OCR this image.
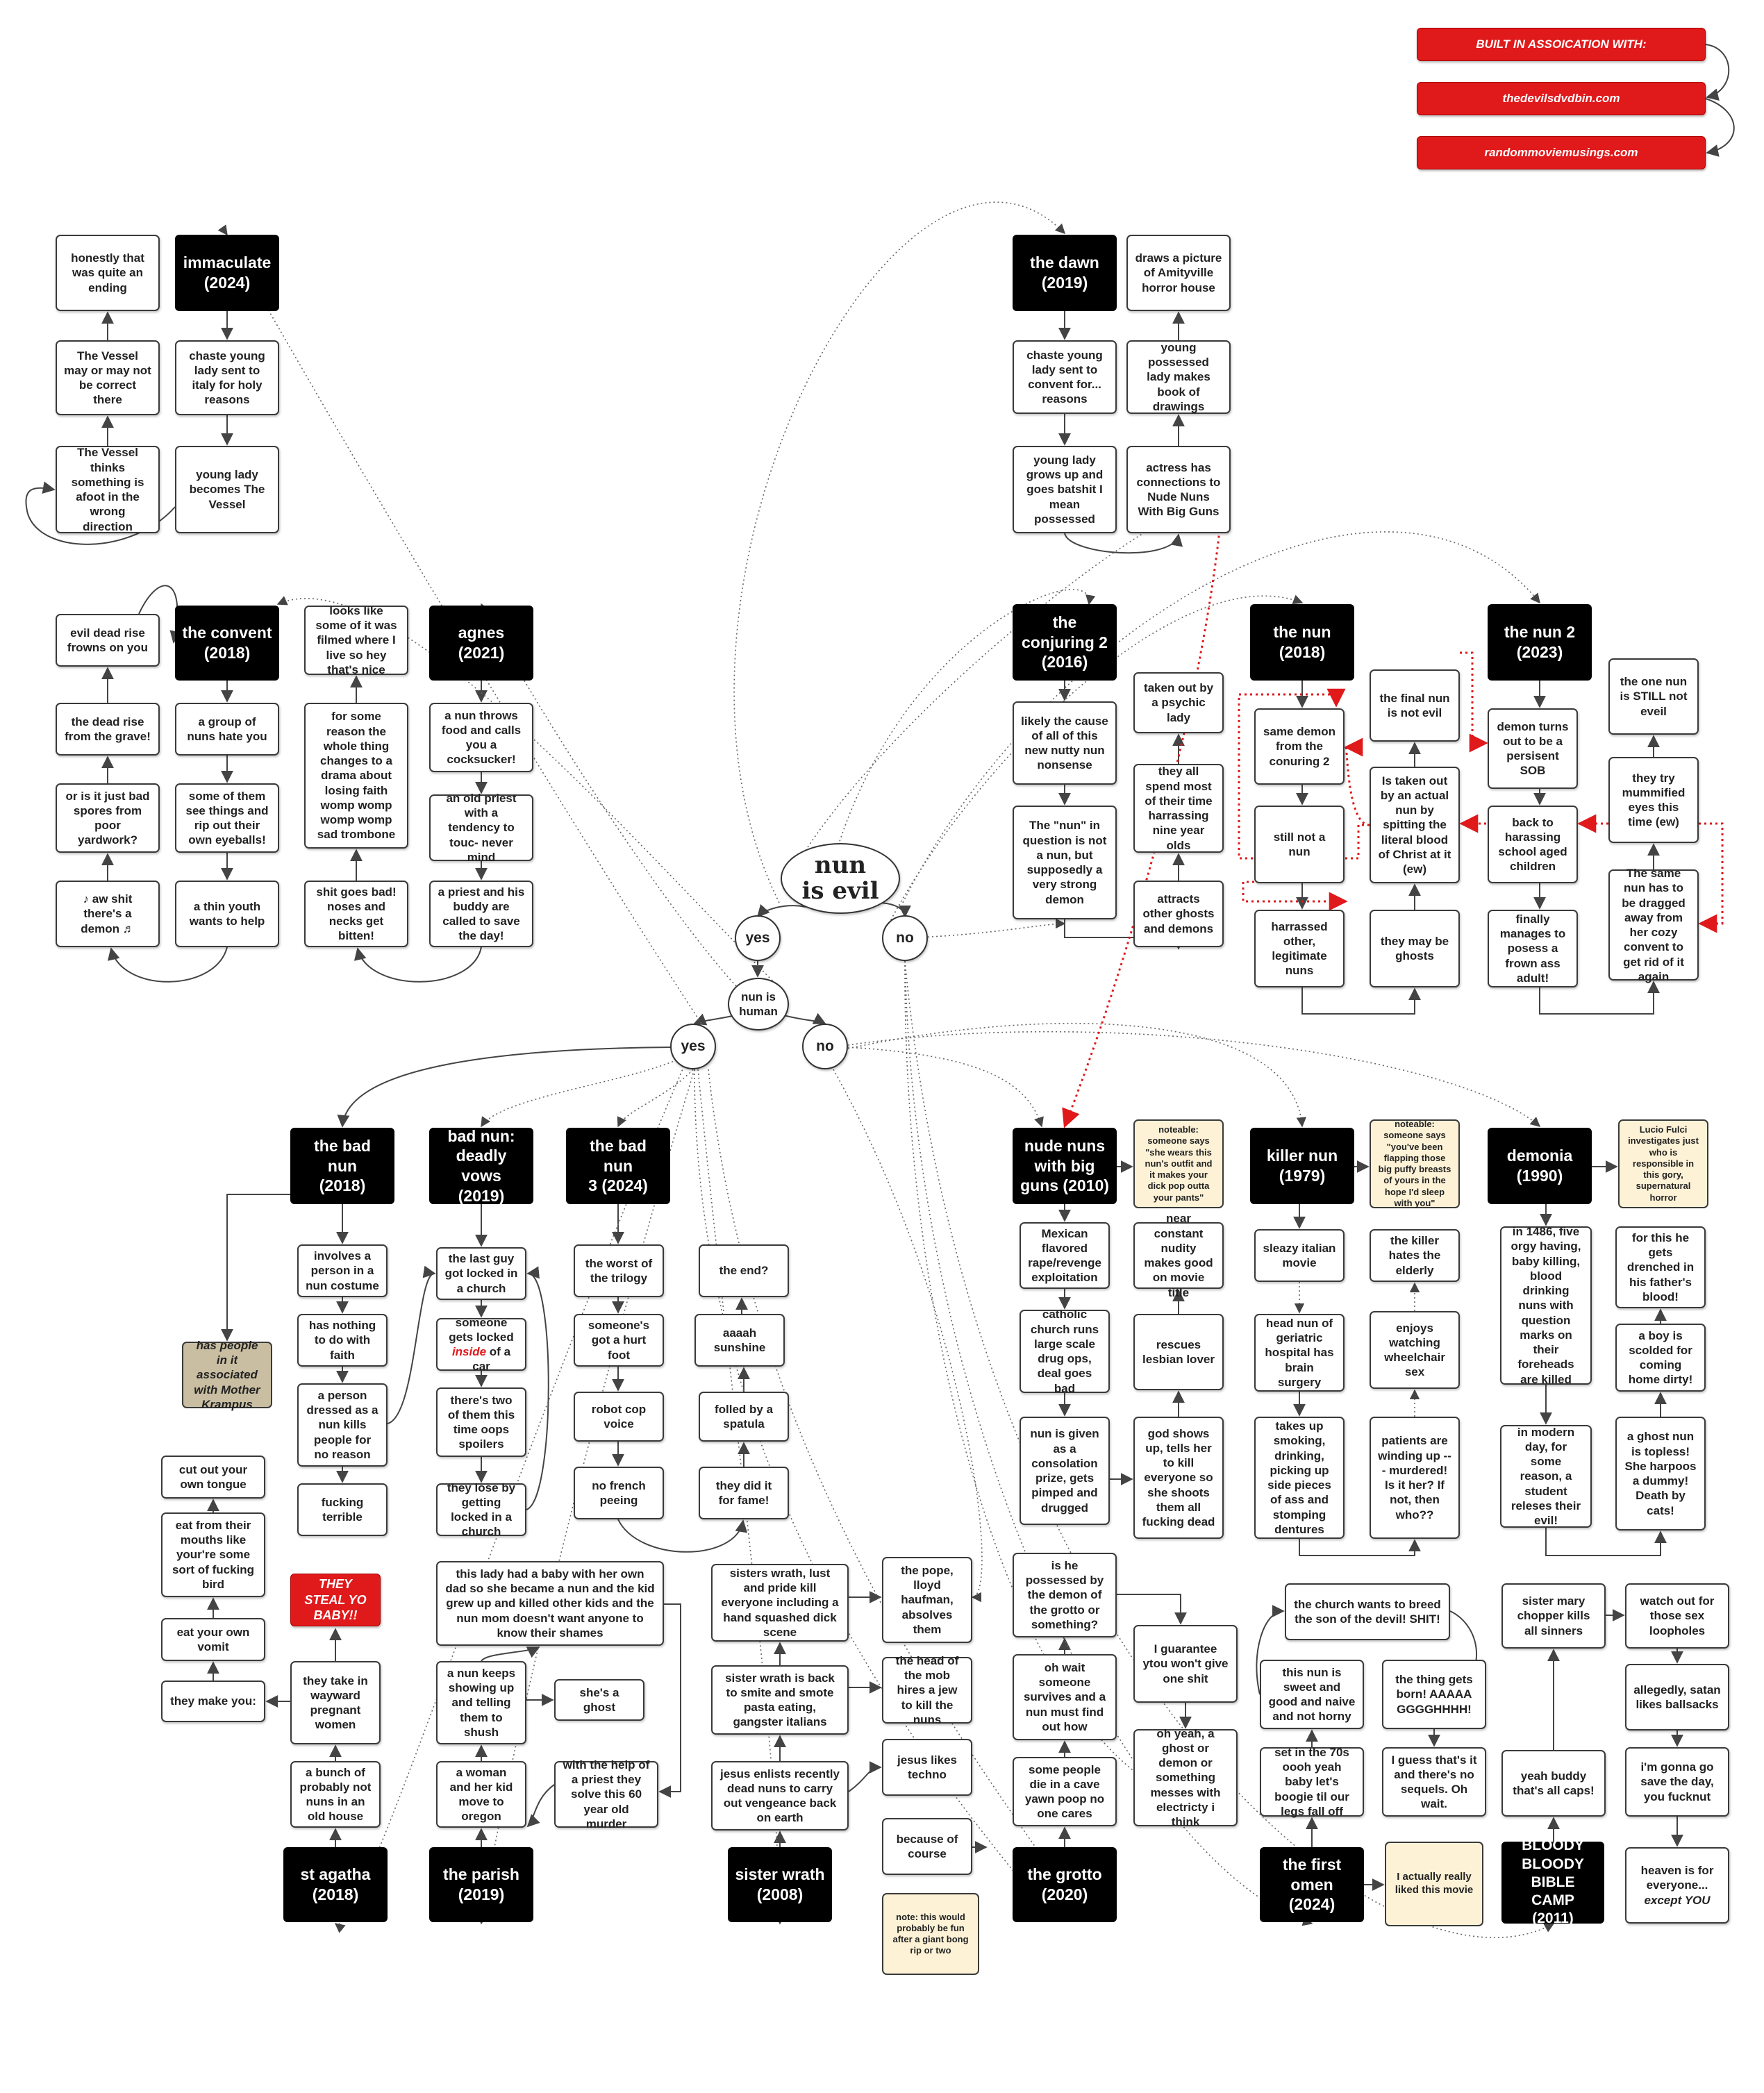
BUILT IN ASSOICATION WITH:
thedevilsdvdbin.com
randommoviemusings.com
immaculate
(2024)
chaste young lady sent to italy for holy reasons
young lady becomes The Vessel
The Vessel thinks something is afoot in the wrong direction
The Vessel may or may not be correct there
honestly that was quite an ending
the convent
(2018)
a group of nuns hate you
some of them see things and rip out their own eyeballs!
a thin youth wants to help
♪ aw shit there's a demon ♬
or is it just bad spores from poor yardwork?
the dead rise from the grave!
evil dead rise frowns on you
agnes (2021)
a nun throws food and calls you a cocksucker!
an old priest with a tendency to touc- never mind
a priest and his buddy are called to save the day!
shit goes bad! noses and necks get bitten!
for some reason the whole thing changes to a drama about losing faith womp womp womp womp sad trombone
looks like some of it was filmed where I live so hey that's nice
the dawn
(2019)
chaste young lady sent to convent for... reasons
young lady grows up and goes batshit I mean possessed
actress has connections to Nude Nuns With Big Guns
young possessed lady makes book of drawings
draws a picture of Amityville horror house
the
conjuring 2
(2016)
likely the cause of all of this new nutty nun nonsense
The "nun" in question is not a nun, but supposedly a very strong demon
taken out by a psychic lady
they all spend most of their time harrassing nine year olds
attracts other ghosts and demons
the nun
(2018)
same demon from the conuring 2
still not a nun
harrassed other, legitimate nuns
they may be ghosts
Is taken out by an actual nun by spitting the literal blood of Christ at it (ew)
the final nun is not evil
the nun 2
(2023)
demon turns out to be a persisent SOB
back to harassing school aged children
finally manages to posess a frown ass adult!
The same nun has to be dragged away from her cozy convent to get rid of it again
they try mummified eyes this time (ew)
the one nun is STILL not eveil
nun
is evil
yes	no
nun is
human
yes	no
the bad nun
(2018)
involves a person in a nun costume
has nothing to do with faith
a person dressed as a nun kills people for no reason
fucking terrible
has people in it associated with Mother Krampus
bad nun:
deadly vows
(2019)
the last guy got locked in a church
someone gets locked inside of a car
there's two of them this time oops spoilers
they lose by getting locked in a church
the bad nun
3 (2024)
the worst of the trilogy
someone's got a hurt foot
robot cop voice
no french peeing
they did it for fame!
folled by a spatula
aaaah sunshine
the end?
nude nuns
with big
guns (2010)
noteable: someone says "she wears this nun's outfit and it makes your dick pop outta your pants"
Mexican flavored rape/revenge exploitation
catholic church runs large scale drug ops, deal goes bad
nun is given as a consolation prize, gets pimped and drugged
god shows up, tells her to kill everyone so she shoots them all fucking dead
rescues lesbian lover
near constant nudity makes good on movie title
killer nun
(1979)
noteable: someone says "you've been flapping those big puffy breasts of yours in the hope I'd sleep with you"
sleazy italian movie
head nun of geriatric hospital has brain surgery
takes up smoking, drinking, picking up side pieces of ass and stomping dentures
patients are winding up --- murdered! Is it her? If not, then who??
enjoys watching wheelchair sex
the killer hates the elderly
demonia
(1990)
Lucio Fulci investigates just who is responsible in this gory, supernatural horror
in 1486, five orgy having, baby killing, blood drinking nuns with question marks on their foreheads are killed
in modern day, for some reason, a student releses their evil!
a ghost nun is topless! She harpoos a dummy! Death by cats!
a boy is scolded for coming home dirty!
for this he gets drenched in his father's blood!
st agatha
(2018)
a bunch of probably not nuns in an old house
they take in wayward pregnant women
THEY STEAL YO BABY!!
they make you:
eat your own vomit
eat from their mouths like your're some sort of fucking bird
cut out your own tongue
the parish
(2019)
a woman and her kid move to oregon
a nun keeps showing up and telling them to shush
she's a ghost
this lady had a baby with her own dad so she became a nun and the kid grew up and killed other kids and the nun mom doesn't want anyone to know their shames
with the help of a priest they solve this 60 year old murder
sister wrath
(2008)
jesus enlists recently dead nuns to carry out vengeance back on earth
sister wrath is back to smite and smote pasta eating, gangster italians
sisters wrath, lust and pride kill everyone including a hand squashed dick scene
the pope, lloyd haufman, absolves them
the head of the mob hires a jew to kill the nuns
jesus likes techno
because of course
note: this would probably be fun after a giant bong rip or two
the grotto
(2020)
some people die in a cave yawn poop no one cares
oh wait someone survives and a nun must find out how
is he possessed by the demon of the grotto or something?
I guarantee ytou won't give one shit
oh yeah, a ghost or demon or something messes with electricty i think
the first
omen (2024)
I actually really liked this movie
set in the 70s oooh yeah baby let's boogie til our legs fall off
this nun is sweet and good and naive and not horny
the church wants to breed the son of the devil! SHIT!
the thing gets born! AAAAA GGGGHHHH!
I guess that's it and there's no sequels. Oh wait.
BLOODY
BLOODY
BIBLE CAMP
(2011)
yeah buddy that's all caps!
sister mary chopper kills all sinners
watch out for those sex loopholes
allegedly, satan likes ballsacks
i'm gonna go save the day, you fucknut
heaven is for everyone...
except YOU
